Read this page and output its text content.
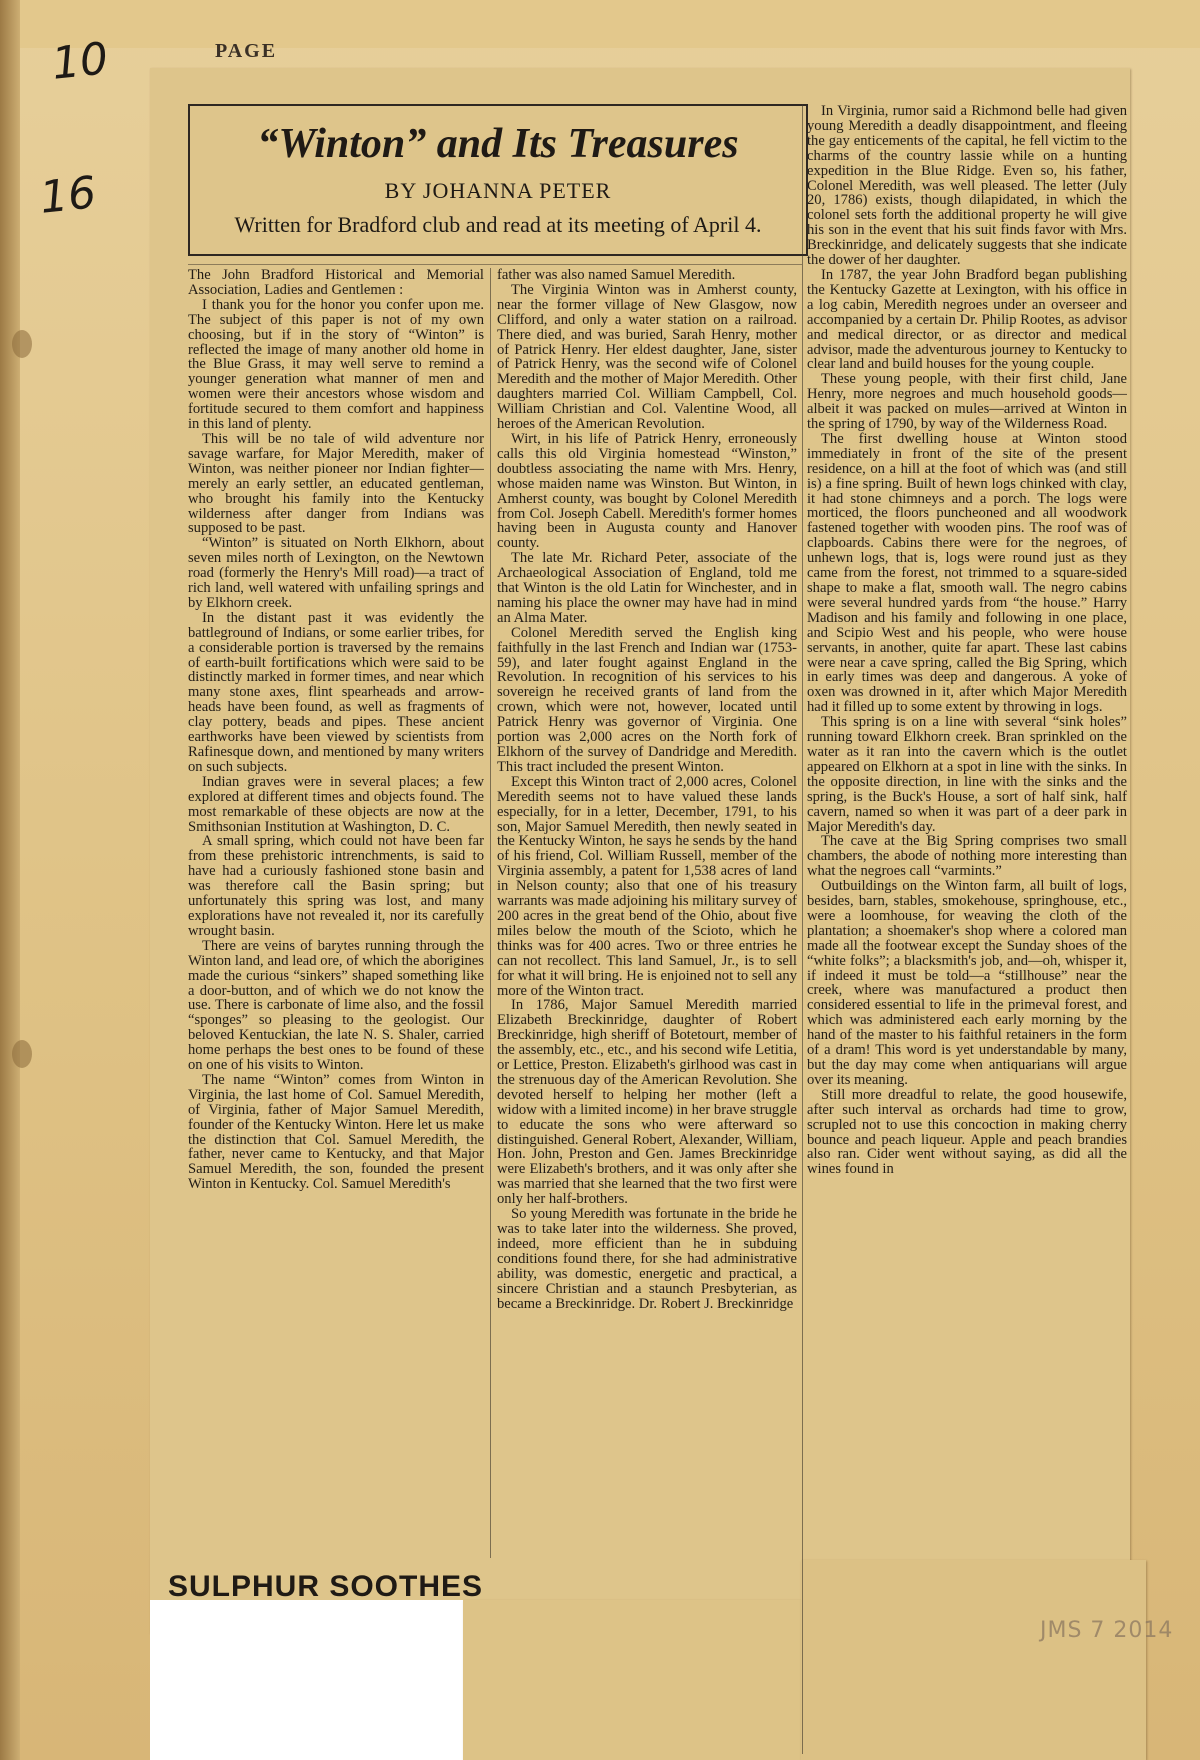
10
16
PAGE
“Winton” and Its Treasures
BY JOHANNA PETER
Written for Bradford club and read at its meeting of April 4.

The John Bradford Historical and Memorial Association, Ladies and Gentlemen :

I thank you for the honor you confer upon me. The subject of this paper is not of my own choosing, but if in the story of “Winton” is reflected the image of many another old home in the Blue Grass, it may well serve to remind a younger generation what manner of men and women were their ancestors whose wisdom and fortitude secured to them comfort and happiness in this land of plenty.

This will be no tale of wild adventure nor savage warfare, for Major Meredith, maker of Winton, was neither pioneer nor Indian fighter—merely an early settler, an educated gentleman, who brought his family into the Kentucky wilderness after danger from Indians was supposed to be past.

“Winton” is situated on North Elkhorn, about seven miles north of Lexington, on the Newtown road (formerly the Henry's Mill road)—a tract of rich land, well watered with unfailing springs and by Elkhorn creek.

In the distant past it was evidently the battleground of Indians, or some earlier tribes, for a considerable portion is traversed by the remains of earth-built fortifications which were said to be distinctly marked in former times, and near which many stone axes, flint spearheads and arrow-heads have been found, as well as fragments of clay pottery, beads and pipes. These ancient earthworks have been viewed by scientists from Rafinesque down, and mentioned by many writers on such subjects.

Indian graves were in several places; a few explored at different times and objects found. The most remarkable of these objects are now at the Smithsonian Institution at Washington, D. C.

A small spring, which could not have been far from these prehistoric intrenchments, is said to have had a curiously fashioned stone basin and was therefore call the Basin spring; but unfortunately this spring was lost, and many explorations have not revealed it, nor its carefully wrought basin.

There are veins of barytes running through the Winton land, and lead ore, of which the aborigines made the curious “sinkers” shaped something like a door-button, and of which we do not know the use. There is carbonate of lime also, and the fossil “sponges” so pleasing to the geologist. Our beloved Kentuckian, the late N. S. Shaler, carried home perhaps the best ones to be found of these on one of his visits to Winton.

The name “Winton” comes from Winton in Virginia, the last home of Col. Samuel Meredith, of Virginia, father of Major Samuel Meredith, founder of the Kentucky Winton. Here let us make the distinction that Col. Samuel Meredith, the father, never came to Kentucky, and that Major Samuel Meredith, the son, founded the present Winton in Kentucky. Col. Samuel Meredith's

father was also named Samuel Meredith.

The Virginia Winton was in Amherst county, near the former village of New Glasgow, now Clifford, and only a water station on a railroad. There died, and was buried, Sarah Henry, mother of Patrick Henry. Her eldest daughter, Jane, sister of Patrick Henry, was the second wife of Colonel Meredith and the mother of Major Meredith. Other daughters married Col. William Campbell, Col. William Christian and Col. Valentine Wood, all heroes of the American Revolution.

Wirt, in his life of Patrick Henry, erroneously calls this old Virginia homestead “Winston,” doubtless associating the name with Mrs. Henry, whose maiden name was Winston. But Winton, in Amherst county, was bought by Colonel Meredith from Col. Joseph Cabell. Meredith's former homes having been in Augusta county and Hanover county.

The late Mr. Richard Peter, associate of the Archaeological Association of England, told me that Winton is the old Latin for Winchester, and in naming his place the owner may have had in mind an Alma Mater.

Colonel Meredith served the English king faithfully in the last French and Indian war (1753-59), and later fought against England in the Revolution. In recognition of his services to his sovereign he received grants of land from the crown, which were not, however, located until Patrick Henry was governor of Virginia. One portion was 2,000 acres on the North fork of Elkhorn of the survey of Dandridge and Meredith. This tract included the present Winton.

Except this Winton tract of 2,000 acres, Colonel Meredith seems not to have valued these lands especially, for in a letter, December, 1791, to his son, Major Samuel Meredith, then newly seated in the Kentucky Winton, he says he sends by the hand of his friend, Col. William Russell, member of the Virginia assembly, a patent for 1,538 acres of land in Nelson county; also that one of his treasury warrants was made adjoining his military survey of 200 acres in the great bend of the Ohio, about five miles below the mouth of the Scioto, which he thinks was for 400 acres. Two or three entries he can not recollect. This land Samuel, Jr., is to sell for what it will bring. He is enjoined not to sell any more of the Winton tract.

In 1786, Major Samuel Meredith married Elizabeth Breckinridge, daughter of Robert Breckinridge, high sheriff of Botetourt, member of the assembly, etc., etc., and his second wife Letitia, or Lettice, Preston. Elizabeth's girlhood was cast in the strenuous day of the American Revolution. She devoted herself to helping her mother (left a widow with a limited income) in her brave struggle to educate the sons who were afterward so distinguished. General Robert, Alexander, William, Hon. John, Preston and Gen. James Breckinridge were Elizabeth's brothers, and it was only after she was married that she learned that the two first were only her half-brothers.

So young Meredith was fortunate in the bride he was to take later into the wilderness. She proved, indeed, more efficient than he in subduing conditions found there, for she had administrative ability, was domestic, energetic and practical, a sincere Christian and a staunch Presbyterian, as became a Breckinridge. Dr. Robert J. Breckinridge

In Virginia, rumor said a Richmond belle had given young Meredith a deadly disappointment, and fleeing the gay enticements of the capital, he fell victim to the charms of the country lassie while on a hunting expedition in the Blue Ridge. Even so, his father, Colonel Meredith, was well pleased. The letter (July 20, 1786) exists, though dilapidated, in which the colonel sets forth the additional property he will give his son in the event that his suit finds favor with Mrs. Breckinridge, and delicately suggests that she indicate the dower of her daughter.

In 1787, the year John Bradford began publishing the Kentucky Gazette at Lexington, with his office in a log cabin, Meredith negroes under an overseer and accompanied by a certain Dr. Philip Rootes, as advisor and medical director, or as director and medical advisor, made the adventurous journey to Kentucky to clear land and build houses for the young couple.

These young people, with their first child, Jane Henry, more negroes and much household goods—albeit it was packed on mules—arrived at Winton in the spring of 1790, by way of the Wilderness Road.

The first dwelling house at Winton stood immediately in front of the site of the present residence, on a hill at the foot of which was (and still is) a fine spring. Built of hewn logs chinked with clay, it had stone chimneys and a porch. The logs were morticed, the floors puncheoned and all woodwork fastened together with wooden pins. The roof was of clapboards. Cabins there were for the negroes, of unhewn logs, that is, logs were round just as they came from the forest, not trimmed to a square-sided shape to make a flat, smooth wall. The negro cabins were several hundred yards from “the house.” Harry Madison and his family and following in one place, and Scipio West and his people, who were house servants, in another, quite far apart. These last cabins were near a cave spring, called the Big Spring, which in early times was deep and dangerous. A yoke of oxen was drowned in it, after which Major Meredith had it filled up to some extent by throwing in logs.

This spring is on a line with several “sink holes” running toward Elkhorn creek. Bran sprinkled on the water as it ran into the cavern which is the outlet appeared on Elkhorn at a spot in line with the sinks. In the opposite direction, in line with the sinks and the spring, is the Buck's House, a sort of half sink, half cavern, named so when it was part of a deer park in Major Meredith's day.

The cave at the Big Spring comprises two small chambers, the abode of nothing more interesting than what the negroes call “varmints.”

Outbuildings on the Winton farm, all built of logs, besides, barn, stables, smokehouse, springhouse, etc., were a loomhouse, for weaving the cloth of the plantation; a shoemaker's shop where a colored man made all the footwear except the Sunday shoes of the “white folks”; a blacksmith's job, and—oh, whisper it, if indeed it must be told—a “stillhouse” near the creek, where was manufactured a product then considered essential to life in the primeval forest, and which was administered each early morning by the hand of the master to his faithful retainers in the form of a dram! This word is yet understandable by many, but the day may come when antiquarians will argue over its meaning.

Still more dreadful to relate, the good housewife, after such interval as orchards had time to grow, scrupled not to use this concoction in making cherry bounce and peach liqueur. Apple and peach brandies also ran. Cider went without saying, as did all the wines found in

SULPHUR SOOTHES
JMS 7 2014
